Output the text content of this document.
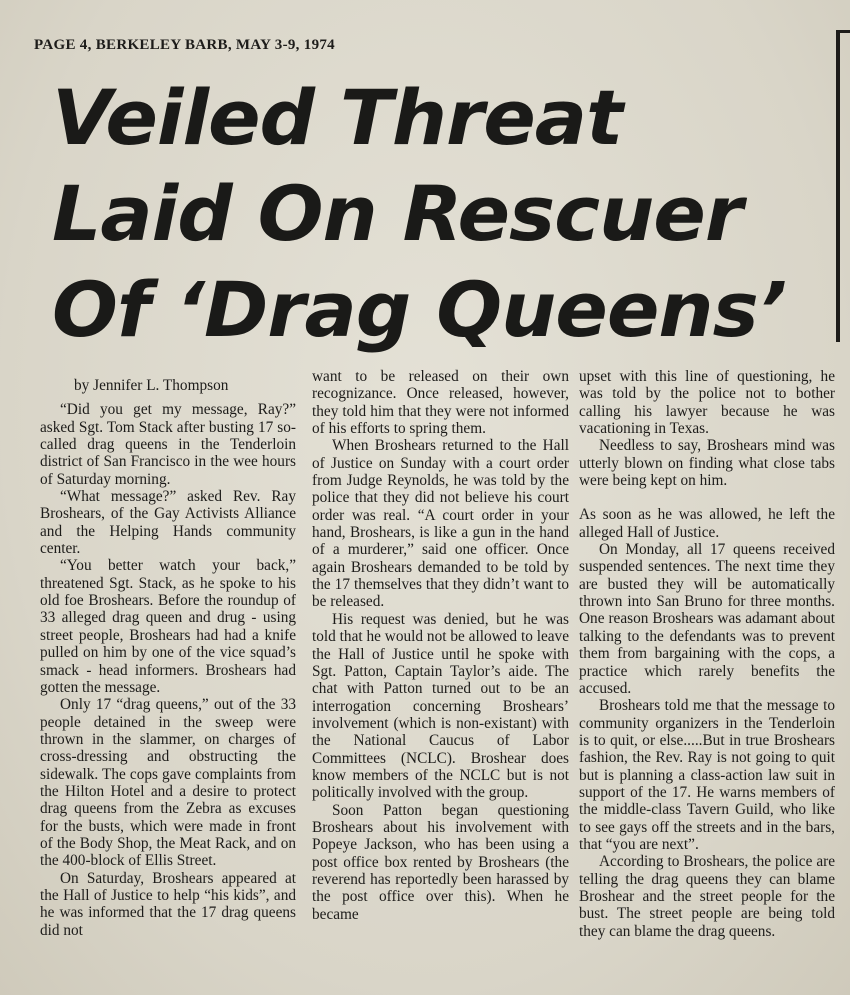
PAGE 4, BERKELEY BARB, MAY 3-9, 1974
Veiled Threat
Laid On Rescuer
Of ‘Drag Queens’

by Jennifer L. Thompson

“Did you get my message, Ray?” asked Sgt. Tom Stack after busting 17 so-called drag queens in the Tenderloin district of San Francisco in the wee hours of Saturday morning.

“What message?” asked Rev. Ray Broshears, of the Gay Activists Alliance and the Helping Hands community center.

“You better watch your back,” threatened Sgt. Stack, as he spoke to his old foe Broshears. Before the roundup of 33 alleged drag queen and drug - using street people, Broshears had had a knife pulled on him by one of the vice squad’s smack - head informers. Broshears had gotten the message.

Only 17 “drag queens,” out of the 33 people detained in the sweep were thrown in the slammer, on charges of cross-dressing and obstructing the sidewalk. The cops gave complaints from the Hilton Hotel and a desire to protect drag queens from the Zebra as excuses for the busts, which were made in front of the Body Shop, the Meat Rack, and on the 400-block of Ellis Street.

On Saturday, Broshears appeared at the Hall of Justice to help “his kids”, and he was informed that the 17 drag queens did not

want to be released on their own recognizance. Once released, however, they told him that they were not informed of his efforts to spring them.

When Broshears returned to the Hall of Justice on Sunday with a court order from Judge Reynolds, he was told by the police that they did not believe his court order was real. “A court order in your hand, Broshears, is like a gun in the hand of a murderer,” said one officer. Once again Broshears demanded to be told by the 17 themselves that they didn’t want to be released.

His request was denied, but he was told that he would not be allowed to leave the Hall of Justice until he spoke with Sgt. Patton, Captain Taylor’s aide. The chat with Patton turned out to be an interrogation concerning Broshears’ involvement (which is non-existant) with the National Caucus of Labor Committees (NCLC). Broshear does know members of the NCLC but is not politically involved with the group.

Soon Patton began questioning Broshears about his involvement with Popeye Jackson, who has been using a post office box rented by Broshears (the reverend has reportedly been harassed by the post office over this). When he became

upset with this line of questioning, he was told by the police not to bother calling his lawyer because he was vacationing in Texas.

Needless to say, Broshears mind was utterly blown on finding what close tabs were being kept on him.

As soon as he was allowed, he left the alleged Hall of Justice.

On Monday, all 17 queens received suspended sentences. The next time they are busted they will be automatically thrown into San Bruno for three months. One reason Broshears was adamant about talking to the defendants was to prevent them from bargaining with the cops, a practice which rarely benefits the accused.

Broshears told me that the message to community organizers in the Tenderloin is to quit, or else.....But in true Broshears fashion, the Rev. Ray is not going to quit but is planning a class-action law suit in support of the 17. He warns members of the middle-class Tavern Guild, who like to see gays off the streets and in the bars, that “you are next”.

According to Broshears, the police are telling the drag queens they can blame Broshear and the street people for the bust. The street people are being told they can blame the drag queens.
